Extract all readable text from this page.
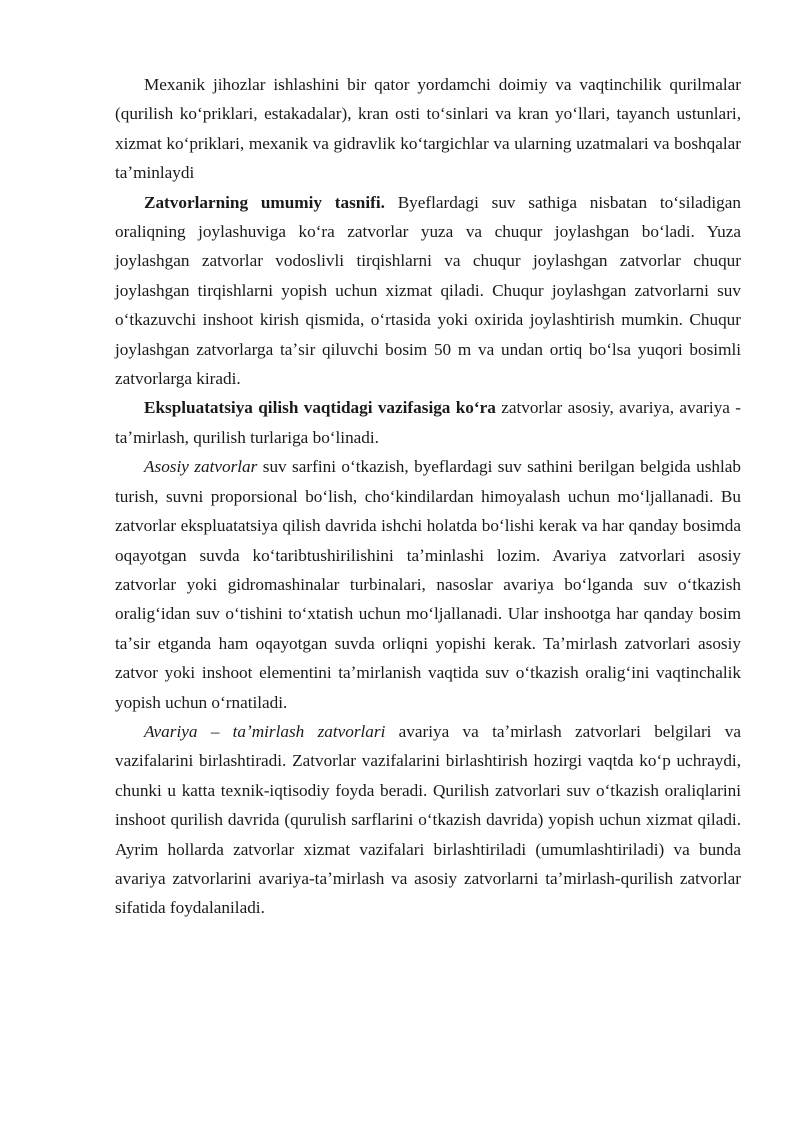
Mexanik jihozlar ishlashini bir qator yordamchi doimiy va vaqtinchilik qurilmalar (qurilish koʻpriklari, estakadalar), kran osti toʻsinlari va kran yoʻllari, tayanch ustunlari, xizmat koʻpriklari, mexanik va gidravlik koʻtargichlar va ularning uzatmalari va boshqalar taʼminlaydi

Zatvorlarning umumiy tasnifi. Byeflardagi suv sathiga nisbatan toʻsiladigan oraliqning joylashuviga koʻra zatvorlar yuza va chuqur joylashgan boʻladi. Yuza joylashgan zatvorlar vodoslivli tirqishlarni va chuqur joylashgan zatvorlar chuqur joylashgan tirqishlarni yopish uchun xizmat qiladi. Chuqur joylashgan zatvorlarni suv oʻtkazuvchi inshoot kirish qismida, oʻrtasida yoki oxirida joylashtirish mumkin. Chuqur joylashgan zatvorlarga taʼsir qiluvchi bosim 50 m va undan ortiq boʻlsa yuqori bosimli zatvorlarga kiradi.

Ekspluatatsiya qilish vaqtidagi vazifasiga koʻra zatvorlar asosiy, avariya, avariya - taʼmirlash, qurilish turlariga boʻlinadi.

Asosiy zatvorlar suv sarfini oʻtkazish, byeflardagi suv sathini berilgan belgida ushlab turish, suvni proporsional boʻlish, choʻkindilardan himoyalash uchun moʻljallanadi. Bu zatvorlar ekspluatatsiya qilish davrida ishchi holatda boʻlishi kerak va har qanday bosimda oqayotgan suvda koʻtaribtushirilishini taʼminlashi lozim. Avariya zatvorlari asosiy zatvorlar yoki gidromashinalar turbinalari, nasoslar avariya boʻlganda suv oʻtkazish oraligʻidan suv oʻtishini toʻxtatish uchun moʻljallanadi. Ular inshootga har qanday bosim taʼsir etganda ham oqayotgan suvda orliqni yopishi kerak. Taʼmirlash zatvorlari asosiy zatvor yoki inshoot elementini taʼmirlanish vaqtida suv oʻtkazish oraligʻini vaqtinchalik yopish uchun oʻrnatiladi.

Avariya – taʼmirlash zatvorlari avariya va taʼmirlash zatvorlari belgilari va vazifalarini birlashtiradi. Zatvorlar vazifalarini birlashtirish hozirgi vaqtda koʻp uchraydi, chunki u katta texnik-iqtisodiy foyda beradi. Qurilish zatvorlari suv oʻtkazish oraliqlarini inshoot qurilish davrida (qurulish sarflarini oʻtkazish davrida) yopish uchun xizmat qiladi. Ayrim hollarda zatvorlar xizmat vazifalari birlashtiriladi (umumlashtiriladi) va bunda avariya zatvorlarini avariya-taʼmirlash va asosiy zatvorlarni taʼmirlash-qurilish zatvorlar sifatida foydalaniladi.
